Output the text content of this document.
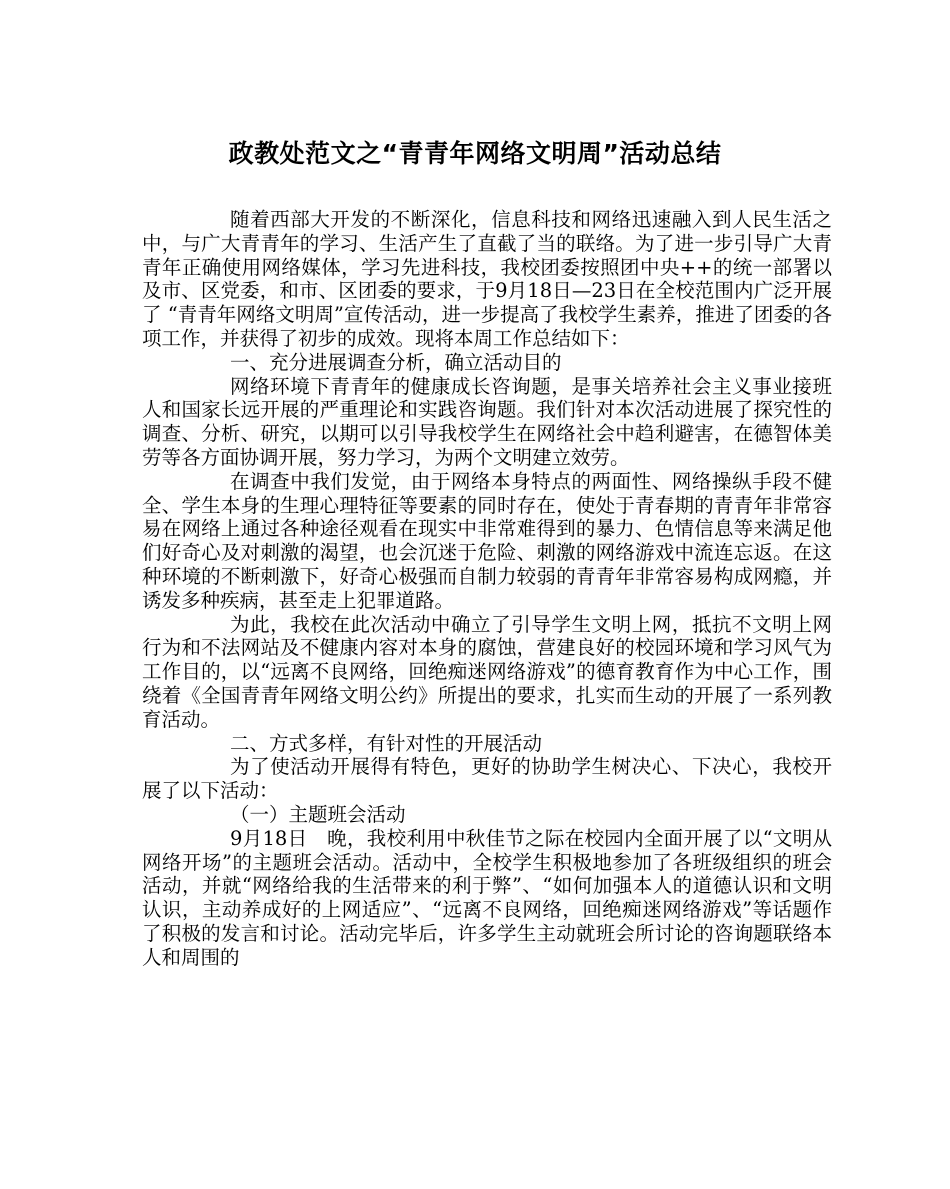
政教处范文之“青青年网络文明周”活动总结

随着西部大开发的不断深化，信息科技和网络迅速融入到人民生活之中，与广大青青年的学习、生活产生了直截了当的联络。为了进一步引导广大青青年正确使用网络媒体，学习先进科技，我校团委按照团中央++的统一部署以及市、区党委，和市、区团委的要求，于9月18日—23日在全校范围内广泛开展了 “青青年网络文明周”宣传活动，进一步提高了我校学生素养，推进了团委的各项工作，并获得了初步的成效。现将本周工作总结如下：

一、充分进展调查分析，确立活动目的

网络环境下青青年的健康成长咨询题，是事关培养社会主义事业接班人和国家长远开展的严重理论和实践咨询题。我们针对本次活动进展了探究性的调查、分析、研究，以期可以引导我校学生在网络社会中趋利避害，在德智体美劳等各方面协调开展，努力学习，为两个文明建立效劳。

在调查中我们发觉，由于网络本身特点的两面性、网络操纵手段不健全、学生本身的生理心理特征等要素的同时存在，使处于青春期的青青年非常容易在网络上通过各种途径观看在现实中非常难得到的暴力、色情信息等来满足他们好奇心及对刺激的渴望，也会沉迷于危险、刺激的网络游戏中流连忘返。在这种环境的不断刺激下，好奇心极强而自制力较弱的青青年非常容易构成网瘾，并诱发多种疾病，甚至走上犯罪道路。

为此，我校在此次活动中确立了引导学生文明上网，抵抗不文明上网行为和不法网站及不健康内容对本身的腐蚀，营建良好的校园环境和学习风气为工作目的，以“远离不良网络，回绝痴迷网络游戏”的德育教育作为中心工作，围绕着《全国青青年网络文明公约》所提出的要求，扎实而生动的开展了一系列教育活动。

二、方式多样，有针对性的开展活动

为了使活动开展得有特色，更好的协助学生树决心、下决心，我校开展了以下活动：

（一）主题班会活动

9月18日　晚，我校利用中秋佳节之际在校园内全面开展了以“文明从网络开场”的主题班会活动。活动中，全校学生积极地参加了各班级组织的班会活动，并就“网络给我的生活带来的利于弊”、“如何加强本人的道德认识和文明认识，主动养成好的上网适应”、“远离不良网络，回绝痴迷网络游戏”等话题作了积极的发言和讨论。活动完毕后，许多学生主动就班会所讨论的咨询题联络本人和周围的
